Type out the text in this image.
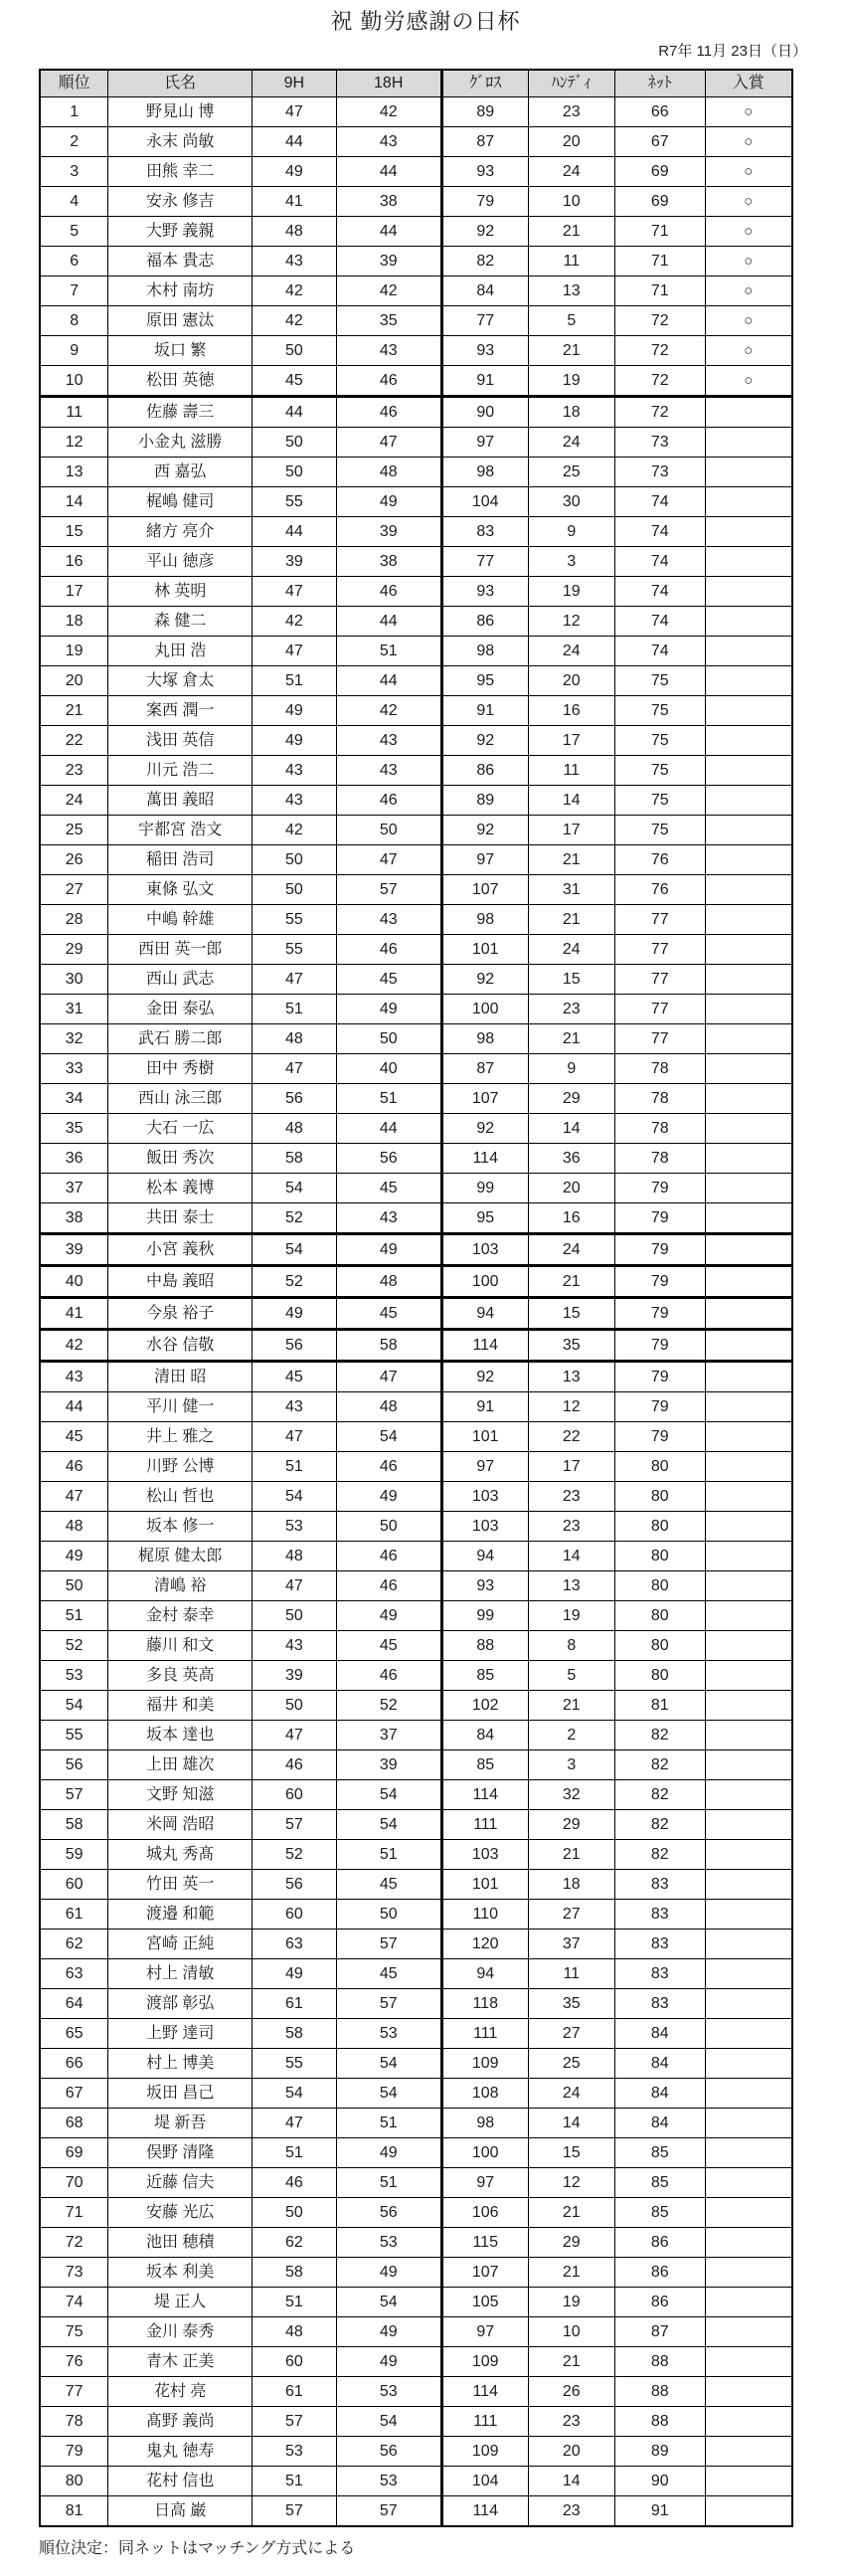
祝 勤労感謝の日杯
R7年 11月 23日（日）
順位	氏名	9H	18H	ｸﾞﾛｽ	ﾊﾝﾃﾞｨ	ﾈｯﾄ	入賞
1	野見山 博	47	42	89	23	66	○
2	永末 尚敏	44	43	87	20	67	○
3	田熊 幸二	49	44	93	24	69	○
4	安永 修吉	41	38	79	10	69	○
5	大野 義親	48	44	92	21	71	○
6	福本 貴志	43	39	82	11	71	○
7	木村 南坊	42	42	84	13	71	○
8	原田 憲汰	42	35	77	5	72	○
9	坂口 繁	50	43	93	21	72	○
10	松田 英徳	45	46	91	19	72	○
11	佐藤 壽三	44	46	90	18	72	
12	小金丸 滋勝	50	47	97	24	73	
13	西 嘉弘	50	48	98	25	73	
14	梶嶋 健司	55	49	104	30	74	
15	緒方 亮介	44	39	83	9	74	
16	平山 徳彦	39	38	77	3	74	
17	林 英明	47	46	93	19	74	
18	森 健二	42	44	86	12	74	
19	丸田 浩	47	51	98	24	74	
20	大塚 倉太	51	44	95	20	75	
21	案西 潤一	49	42	91	16	75	
22	浅田 英信	49	43	92	17	75	
23	川元 浩二	43	43	86	11	75	
24	萬田 義昭	43	46	89	14	75	
25	宇都宮 浩文	42	50	92	17	75	
26	稲田 浩司	50	47	97	21	76	
27	東條 弘文	50	57	107	31	76	
28	中嶋 幹雄	55	43	98	21	77	
29	西田 英一郎	55	46	101	24	77	
30	西山 武志	47	45	92	15	77	
31	金田 泰弘	51	49	100	23	77	
32	武石 勝二郎	48	50	98	21	77	
33	田中 秀樹	47	40	87	9	78	
34	西山 泳三郎	56	51	107	29	78	
35	大石 一広	48	44	92	14	78	
36	飯田 秀次	58	56	114	36	78	
37	松本 義博	54	45	99	20	79	
38	共田 泰士	52	43	95	16	79	
39	小宮 義秋	54	49	103	24	79	
40	中島 義昭	52	48	100	21	79	
41	今泉 裕子	49	45	94	15	79	
42	水谷 信敬	56	58	114	35	79	
43	清田 昭	45	47	92	13	79	
44	平川 健一	43	48	91	12	79	
45	井上 雅之	47	54	101	22	79	
46	川野 公博	51	46	97	17	80	
47	松山 哲也	54	49	103	23	80	
48	坂本 修一	53	50	103	23	80	
49	梶原 健太郎	48	46	94	14	80	
50	清嶋 裕	47	46	93	13	80	
51	金村 泰幸	50	49	99	19	80	
52	藤川 和文	43	45	88	8	80	
53	多良 英高	39	46	85	5	80	
54	福井 和美	50	52	102	21	81	
55	坂本 達也	47	37	84	2	82	
56	上田 雄次	46	39	85	3	82	
57	文野 知滋	60	54	114	32	82	
58	米岡 浩昭	57	54	111	29	82	
59	城丸 秀髙	52	51	103	21	82	
60	竹田 英一	56	45	101	18	83	
61	渡邉 和範	60	50	110	27	83	
62	宮崎 正純	63	57	120	37	83	
63	村上 清敏	49	45	94	11	83	
64	渡部 彰弘	61	57	118	35	83	
65	上野 達司	58	53	111	27	84	
66	村上 博美	55	54	109	25	84	
67	坂田 昌己	54	54	108	24	84	
68	堤 新吾	47	51	98	14	84	
69	俣野 清隆	51	49	100	15	85	
70	近藤 信夫	46	51	97	12	85	
71	安藤 光広	50	56	106	21	85	
72	池田 穂積	62	53	115	29	86	
73	坂本 利美	58	49	107	21	86	
74	堤 正人	51	54	105	19	86	
75	金川 泰秀	48	49	97	10	87	
76	青木 正美	60	49	109	21	88	
77	花村 亮	61	53	114	26	88	
78	髙野 義尚	57	54	111	23	88	
79	鬼丸 徳寿	53	56	109	20	89	
80	花村 信也	51	53	104	14	90	
81	日高 巌	57	57	114	23	91	
順位決定：同ネットはマッチング方式による
